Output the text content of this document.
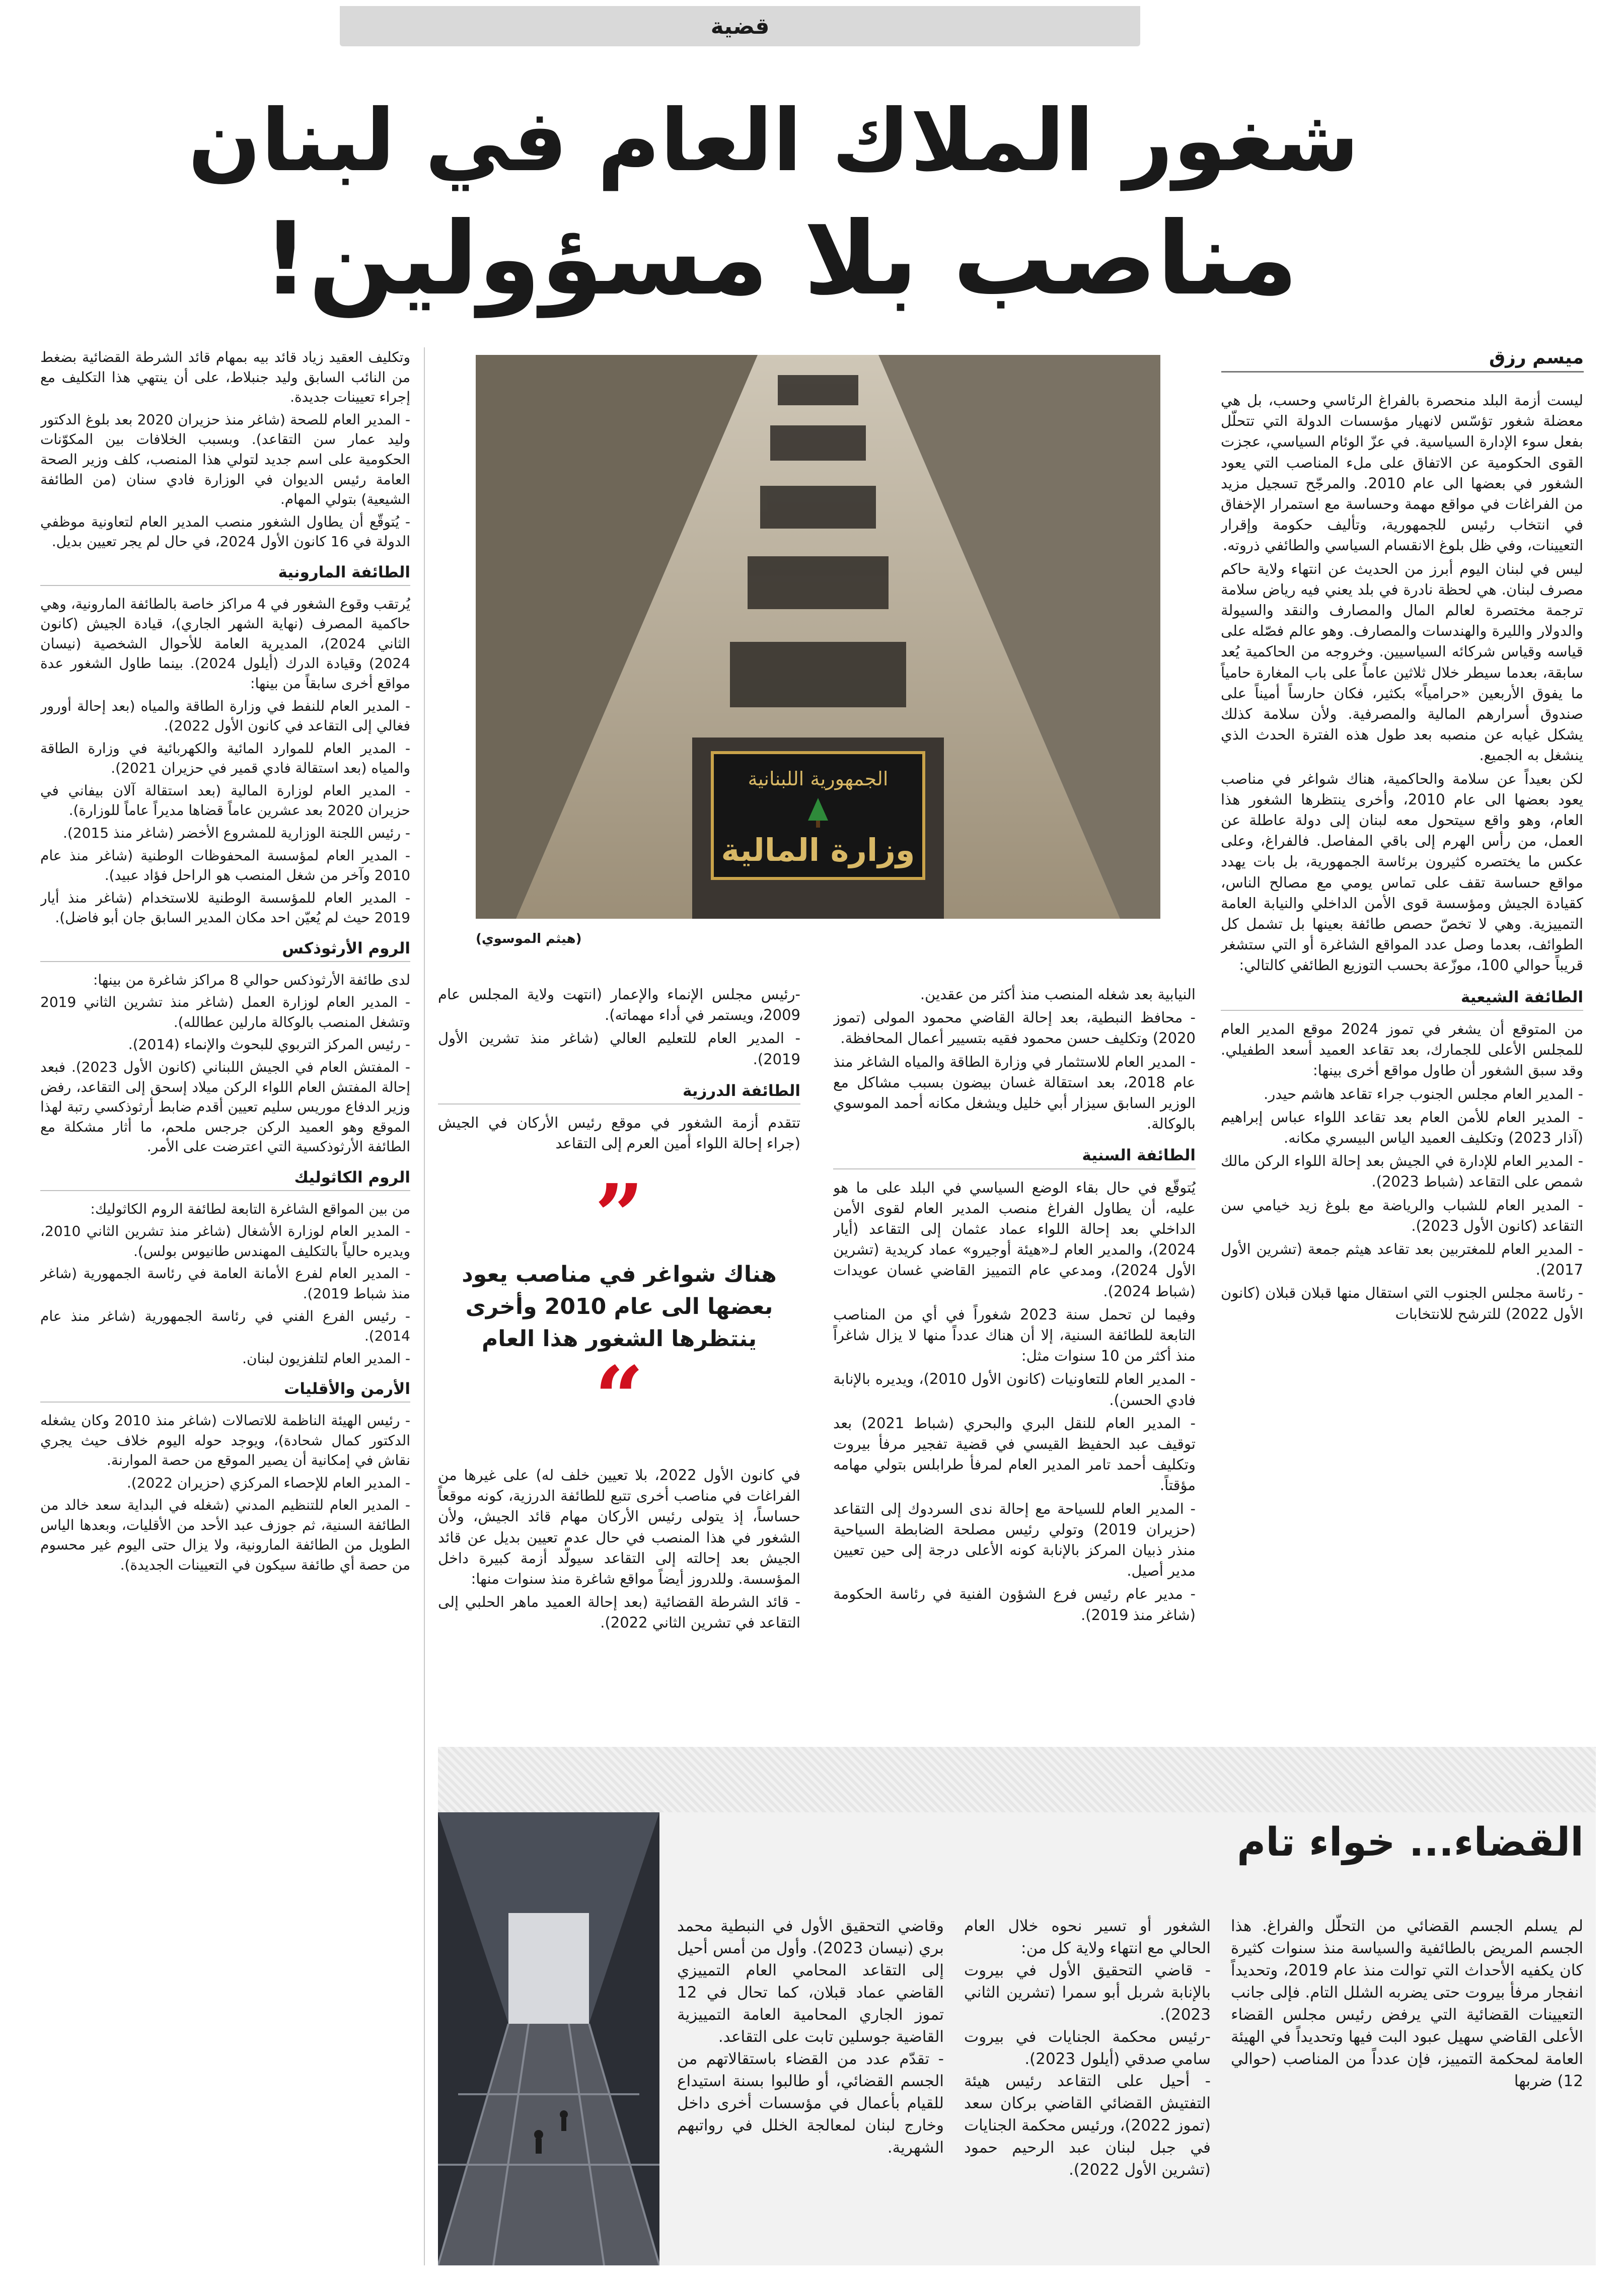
قضية
شغور الملاك العام في لبنان
مناصب بلا مسؤولين!
ميسم رزق
الجمهورية اللبنانية
وزارة المالية
(هيثم الموسوي)

ليست أزمة البلد منحصرة بالفراغ الرئاسي وحسب، بل هي معضلة شغور تؤسّس لانهيار مؤسسات الدولة التي تتحلّل بفعل سوء الإدارة السياسية. في عزّ الوئام السياسي، عجزت القوى الحكومية عن الاتفاق على ملء المناصب التي يعود الشغور في بعضها الى عام 2010. والمرجّح تسجيل مزيد من الفراغات في مواقع مهمة وحساسة مع استمرار الإخفاق في انتخاب رئيس للجمهورية، وتأليف حكومة وإقرار التعيينات، وفي ظل بلوغ الانقسام السياسي والطائفي ذروته.

ليس في لبنان اليوم أبرز من الحديث عن انتهاء ولاية حاكم مصرف لبنان. هي لحظة نادرة في بلد يعني فيه رياض سلامة ترجمة مختصرة لعالم المال والمصارف والنقد والسيولة والدولار والليرة والهندسات والمصارف. وهو عالم فصّله على قياسه وقياس شركائه السياسيين. وخروجه من الحاكمية يُعد سابقة، بعدما سيطر خلال ثلاثين عاماً على باب المغارة حامياً ما يفوق الأربعين «حرامياً» بكثير، فكان حارساً أميناً على صندوق أسرارهم المالية والمصرفية. ولأن سلامة كذلك يشكل غيابه عن منصبه بعد طول هذه الفترة الحدث الذي ينشغل به الجميع.

لكن بعيداً عن سلامة والحاكمية، هناك شواغر في مناصب يعود بعضها الى عام 2010، وأخرى ينتظرها الشغور هذا العام، وهو واقع سيتحول معه لبنان إلى دولة عاطلة عن العمل، من رأس الهرم إلى باقي المفاصل. فالفراغ، وعلى عكس ما يختصره كثيرون برئاسة الجمهورية، بل بات يهدد مواقع حساسة تقف على تماس يومي مع مصالح الناس، كقيادة الجيش ومؤسسة قوى الأمن الداخلي والنيابة العامة التمييزية. وهي لا تخصّ حصص طائفة بعينها بل تشمل كل الطوائف، بعدما وصل عدد المواقع الشاغرة أو التي ستشغر قريباً حوالي 100، موزّعة بحسب التوزيع الطائفي كالتالي:

الطائفة الشيعية

من المتوقع أن يشغر في تموز 2024 موقع المدير العام للمجلس الأعلى للجمارك، بعد تقاعد العميد أسعد الطفيلي. وقد سبق الشغور أن طاول مواقع أخرى بينها:

- المدير العام مجلس الجنوب جراء تقاعد هاشم حيدر.

- المدير العام للأمن العام بعد تقاعد اللواء عباس إبراهيم (آذار 2023) وتكليف العميد الياس البيسري مكانه.

- المدير العام للإدارة في الجيش بعد إحالة اللواء الركن مالك شمص على التقاعد (شباط 2023).

- المدير العام للشباب والرياضة مع بلوغ زيد خيامي سن التقاعد (كانون الأول 2023).

- المدير العام للمغتربين بعد تقاعد هيثم جمعة (تشرين الأول 2017).

- رئاسة مجلس الجنوب التي استقال منها قبلان قبلان (كانون الأول 2022) للترشح للانتخابات

النيابية بعد شغله المنصب منذ أكثر من عقدين.

- محافظ النبطية، بعد إحالة القاضي محمود المولى (تموز 2020) وتكليف حسن محمود فقيه بتسيير أعمال المحافظة.

- المدير العام للاستثمار في وزارة الطاقة والمياه الشاغر منذ عام 2018، بعد استقالة غسان بيضون بسبب مشاكل مع الوزير السابق سيزار أبي خليل ويشغل مكانه أحمد الموسوي بالوكالة.

الطائفة السنية

يُتوقّع في حال بقاء الوضع السياسي في البلد على ما هو عليه، أن يطاول الفراغ منصب المدير العام لقوى الأمن الداخلي بعد إحالة اللواء عماد عثمان إلى التقاعد (أيار 2024)، والمدير العام لـ«هيئة أوجيرو» عماد كريدية (تشرين الأول 2024)، ومدعي عام التمييز القاضي غسان عويدات (شباط 2024).

وفيما لن تحمل سنة 2023 شغوراً في أي من المناصب التابعة للطائفة السنية، إلا أن هناك عدداً منها لا يزال شاغراً منذ أكثر من 10 سنوات مثل:

- المدير العام للتعاونيات (كانون الأول 2010)، ويديره بالإنابة فادي الحسن).

- المدير العام للنقل البري والبحري (شباط 2021) بعد توقيف عبد الحفيظ القيسي في قضية تفجير مرفأ بيروت وتكليف أحمد تامر المدير العام لمرفأ طرابلس بتولي مهامه مؤقتاً.

- المدير العام للسياحة مع إحالة ندى السردوك إلى التقاعد (حزيران 2019) وتولي رئيس مصلحة الضابطة السياحية منذر ذبيان المركز بالإنابة كونه الأعلى درجة إلى حين تعيين مدير أصيل.

- مدير عام رئيس فرع الشؤون الفنية في رئاسة الحكومة (شاغر منذ 2019).

-رئيس مجلس الإنماء والإعمار (انتهت ولاية المجلس عام 2009، ويستمر في أداء مهماته).

- المدير العام للتعليم العالي (شاغر منذ تشرين الأول 2019).

الطائفة الدرزية

تتقدم أزمة الشغور في موقع رئيس الأركان في الجيش (جراء إحالة اللواء أمين العرم إلى التقاعد

”
هناك شواغر في مناصب يعود بعضها الى عام 2010 وأخرى ينتظرها الشغور هذا العام
“

في كانون الأول 2022، بلا تعيين خلف له) على غيرها من الفراغات في مناصب أخرى تتبع للطائفة الدرزية، كونه موقعاً حساساً، إذ يتولى رئيس الأركان مهام قائد الجيش، ولأن الشغور في هذا المنصب في حال عدم تعيين بديل عن قائد الجيش بعد إحالته إلى التقاعد سيولّد أزمة كبيرة داخل المؤسسة. وللدروز أيضاً مواقع شاغرة منذ سنوات منها:

- قائد الشرطة القضائية (بعد إحالة العميد ماهر الحلبي إلى التقاعد في تشرين الثاني 2022).

وتكليف العقيد زياد قائد بيه بمهام قائد الشرطة القضائية بضغط من النائب السابق وليد جنبلاط، على أن ينتهي هذا التكليف مع إجراء تعيينات جديدة.

- المدير العام للصحة (شاغر منذ حزيران 2020 بعد بلوغ الدكتور وليد عمار سن التقاعد). وبسبب الخلافات بين المكوّنات الحكومية على اسم جديد لتولي هذا المنصب، كلف وزير الصحة العامة رئيس الديوان في الوزارة فادي سنان (من الطائفة الشيعية) بتولي المهام.

- يُتوقّع أن يطاول الشغور منصب المدير العام لتعاونية موظفي الدولة في 16 كانون الأول 2024، في حال لم يجر تعيين بديل.

الطائفة المارونية

يُرتقب وقوع الشغور في 4 مراكز خاصة بالطائفة المارونية، وهي حاكمية المصرف (نهاية الشهر الجاري)، قيادة الجيش (كانون الثاني 2024)، المديرية العامة للأحوال الشخصية (نيسان 2024) وقيادة الدرك (أيلول 2024). بينما طاول الشغور عدة مواقع أخرى سابقاً من بينها:

- المدير العام للنفط في وزارة الطاقة والمياه (بعد إحالة أورور فغالي إلى التقاعد في كانون الأول 2022).

- المدير العام للموارد المائية والكهربائية في وزارة الطاقة والمياه (بعد استقالة فادي قمير في حزيران 2021).

- المدير العام لوزارة المالية (بعد استقالة آلان بيفاني في حزيران 2020 بعد عشرين عاماً قضاها مديراً عاماً للوزارة).

- رئيس اللجنة الوزارية للمشروع الأخضر (شاغر منذ 2015).

- المدير العام لمؤسسة المحفوظات الوطنية (شاغر منذ عام 2010 وآخر من شغل المنصب هو الراحل فؤاد عبيد).

- المدير العام للمؤسسة الوطنية للاستخدام (شاغر منذ أيار 2019 حيث لم يُعيّن احد مكان المدير السابق جان أبو فاضل).

الروم الأرثوذكس

لدى طائفة الأرثوذكس حوالي 8 مراكز شاغرة من بينها:

- المدير العام لوزارة العمل (شاغر منذ تشرين الثاني 2019 وتشغل المنصب بالوكالة مارلين عطالله).

- رئيس المركز التربوي للبحوث والإنماء (2014).

- المفتش العام في الجيش اللبناني (كانون الأول 2023). فبعد إحالة المفتش العام اللواء الركن ميلاد إسحق إلى التقاعد، رفض وزير الدفاع موريس سليم تعيين أقدم ضابط أرثوذكسي رتبة لهذا الموقع وهو العميد الركن جرجس ملحم، ما أثار مشكلة مع الطائفة الأرثوذكسية التي اعترضت على الأمر.

الروم الكاثوليك

من بين المواقع الشاغرة التابعة لطائفة الروم الكاثوليك:

- المدير العام لوزارة الأشغال (شاغر منذ تشرين الثاني 2010، ويديره حالياً بالتكليف المهندس طانيوس بولس).

- المدير العام لفرع الأمانة العامة في رئاسة الجمهورية (شاغر منذ شباط 2019).

- رئيس الفرع الفني في رئاسة الجمهورية (شاغر منذ عام 2014).

- المدير العام لتلفزيون لبنان.

الأرمن والأقليات

- رئيس الهيئة الناظمة للاتصالات (شاغر منذ 2010 وكان يشغله الدكتور كمال شحادة)، ويوجد حوله اليوم خلاف حيث يجري نقاش في إمكانية أن يصير الموقع من حصة الموارنة.

- المدير العام للإحصاء المركزي (حزيران 2022).

- المدير العام للتنظيم المدني (شغله في البداية سعد خالد من الطائفة السنية، ثم جوزف عبد الأحد من الأقليات، وبعدها الياس الطويل من الطائفة المارونية، ولا يزال حتى اليوم غير محسوم من حصة أي طائفة سيكون في التعيينات الجديدة).

القضاء... خواء تام

لم يسلم الجسم القضائي من التحلّل والفراغ. هذا الجسم المريض بالطائفية والسياسة منذ سنوات كثيرة كان يكفيه الأحداث التي توالت منذ عام 2019، وتحديداً انفجار مرفأ بيروت حتى يضربه الشلل التام. فإلى جانب التعيينات القضائية التي يرفض رئيس مجلس القضاء الأعلى القاضي سهيل عبود البت فيها وتحديداً في الهيئة العامة لمحكمة التمييز، فإن عدداً من المناصب (حوالي 12) ضربها

الشغور أو تسير نحوه خلال العام الحالي مع انتهاء ولاية كل من:
- قاضي التحقيق الأول في بيروت بالإنابة شربل أبو سمرا (تشرين الثاني 2023).
-رئيس محكمة الجنايات في بيروت سامي صدقي (أيلول 2023).
- أحيل على التقاعد رئيس هيئة التفتيش القضائي القاضي بركان سعد (تموز 2022)، ورئيس محكمة الجنايات في جبل لبنان عبد الرحيم حمود (تشرين الأول 2022).

وقاضي التحقيق الأول في النبطية محمد بري (نيسان 2023). وأول من أمس أحيل إلى التقاعد المحامي العام التمييزي القاضي عماد قبلان، كما تحال في 12 تموز الجاري المحامية العامة التمييزية القاضية جوسلين تابت على التقاعد.
- تقدّم عدد من القضاء باستقالاتهم من الجسم القضائي، أو طالبوا بسنة استيداع للقيام بأعمال في مؤسسات أخرى داخل وخارج لبنان لمعالجة الخلل في رواتبهم الشهرية.
